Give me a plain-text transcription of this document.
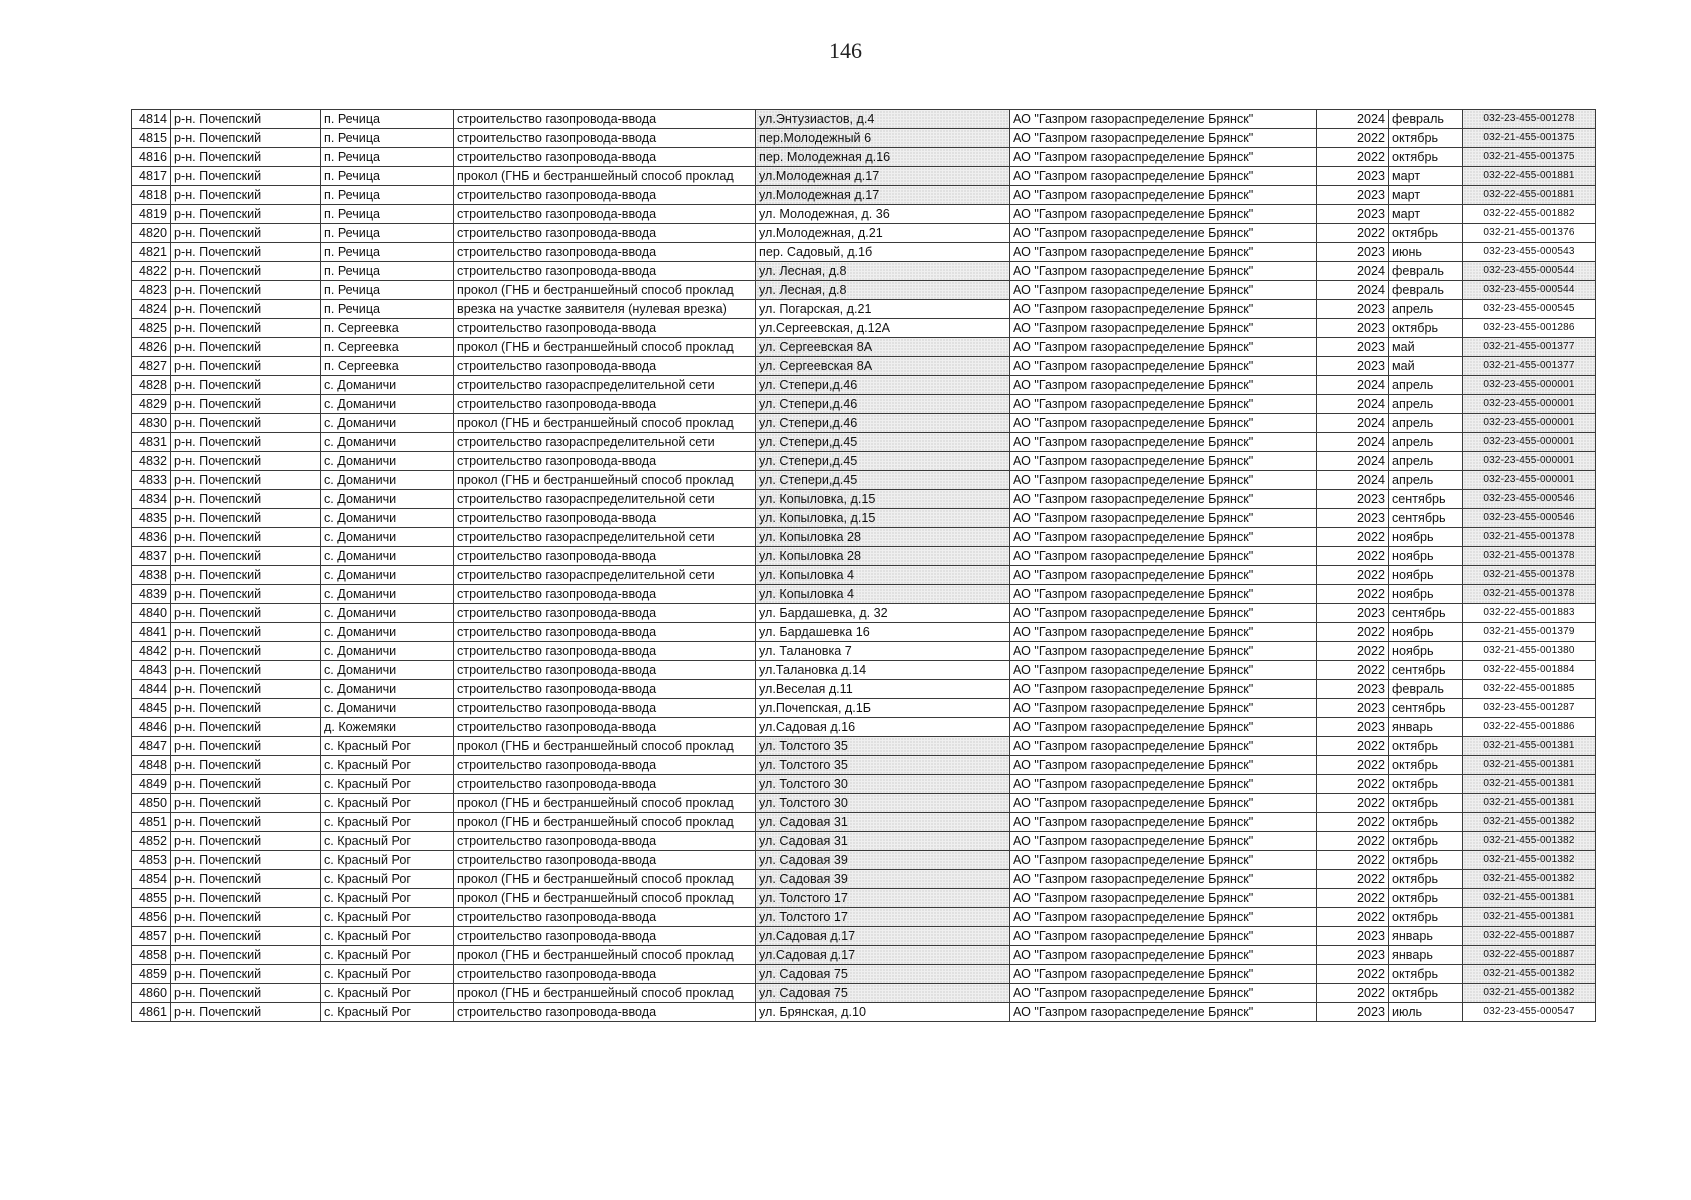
146
4814	р-н. Почепский	п. Речица	строительство газопровода-ввода	ул.Энтузиастов, д.4	АО "Газпром газораспределение Брянск"	2024	февраль	032-23-455-001278
4815	р-н. Почепский	п. Речица	строительство газопровода-ввода	пер.Молодежный 6	АО "Газпром газораспределение Брянск"	2022	октябрь	032-21-455-001375
4816	р-н. Почепский	п. Речица	строительство газопровода-ввода	пер. Молодежная д.16	АО "Газпром газораспределение Брянск"	2022	октябрь	032-21-455-001375
4817	р-н. Почепский	п. Речица	прокол (ГНБ и бестраншейный способ проклад	ул.Молодежная д.17	АО "Газпром газораспределение Брянск"	2023	март	032-22-455-001881
4818	р-н. Почепский	п. Речица	строительство газопровода-ввода	ул.Молодежная д.17	АО "Газпром газораспределение Брянск"	2023	март	032-22-455-001881
4819	р-н. Почепский	п. Речица	строительство газопровода-ввода	ул. Молодежная, д. 36	АО "Газпром газораспределение Брянск"	2023	март	032-22-455-001882
4820	р-н. Почепский	п. Речица	строительство газопровода-ввода	ул.Молодежная, д.21	АО "Газпром газораспределение Брянск"	2022	октябрь	032-21-455-001376
4821	р-н. Почепский	п. Речица	строительство газопровода-ввода	пер. Садовый, д.1б	АО "Газпром газораспределение Брянск"	2023	июнь	032-23-455-000543
4822	р-н. Почепский	п. Речица	строительство газопровода-ввода	ул. Лесная, д.8	АО "Газпром газораспределение Брянск"	2024	февраль	032-23-455-000544
4823	р-н. Почепский	п. Речица	прокол (ГНБ и бестраншейный способ проклад	ул. Лесная, д.8	АО "Газпром газораспределение Брянск"	2024	февраль	032-23-455-000544
4824	р-н. Почепский	п. Речица	врезка на участке заявителя (нулевая врезка)	ул. Погарская, д.21	АО "Газпром газораспределение Брянск"	2023	апрель	032-23-455-000545
4825	р-н. Почепский	п. Сергеевка	строительство газопровода-ввода	ул.Сергеевская, д.12А	АО "Газпром газораспределение Брянск"	2023	октябрь	032-23-455-001286
4826	р-н. Почепский	п. Сергеевка	прокол (ГНБ и бестраншейный способ проклад	ул. Сергеевская 8А	АО "Газпром газораспределение Брянск"	2023	май	032-21-455-001377
4827	р-н. Почепский	п. Сергеевка	строительство газопровода-ввода	ул. Сергеевская 8А	АО "Газпром газораспределение Брянск"	2023	май	032-21-455-001377
4828	р-н. Почепский	с. Доманичи	строительство газораспределительной сети	ул. Степери,д.46	АО "Газпром газораспределение Брянск"	2024	апрель	032-23-455-000001
4829	р-н. Почепский	с. Доманичи	строительство газопровода-ввода	ул. Степери,д.46	АО "Газпром газораспределение Брянск"	2024	апрель	032-23-455-000001
4830	р-н. Почепский	с. Доманичи	прокол (ГНБ и бестраншейный способ проклад	ул. Степери,д.46	АО "Газпром газораспределение Брянск"	2024	апрель	032-23-455-000001
4831	р-н. Почепский	с. Доманичи	строительство газораспределительной сети	ул. Степери,д.45	АО "Газпром газораспределение Брянск"	2024	апрель	032-23-455-000001
4832	р-н. Почепский	с. Доманичи	строительство газопровода-ввода	ул. Степери,д.45	АО "Газпром газораспределение Брянск"	2024	апрель	032-23-455-000001
4833	р-н. Почепский	с. Доманичи	прокол (ГНБ и бестраншейный способ проклад	ул. Степери,д.45	АО "Газпром газораспределение Брянск"	2024	апрель	032-23-455-000001
4834	р-н. Почепский	с. Доманичи	строительство газораспределительной сети	ул. Копыловка, д.15	АО "Газпром газораспределение Брянск"	2023	сентябрь	032-23-455-000546
4835	р-н. Почепский	с. Доманичи	строительство газопровода-ввода	ул. Копыловка, д.15	АО "Газпром газораспределение Брянск"	2023	сентябрь	032-23-455-000546
4836	р-н. Почепский	с. Доманичи	строительство газораспределительной сети	ул. Копыловка 28	АО "Газпром газораспределение Брянск"	2022	ноябрь	032-21-455-001378
4837	р-н. Почепский	с. Доманичи	строительство газопровода-ввода	ул. Копыловка 28	АО "Газпром газораспределение Брянск"	2022	ноябрь	032-21-455-001378
4838	р-н. Почепский	с. Доманичи	строительство газораспределительной сети	ул. Копыловка 4	АО "Газпром газораспределение Брянск"	2022	ноябрь	032-21-455-001378
4839	р-н. Почепский	с. Доманичи	строительство газопровода-ввода	ул. Копыловка 4	АО "Газпром газораспределение Брянск"	2022	ноябрь	032-21-455-001378
4840	р-н. Почепский	с. Доманичи	строительство газопровода-ввода	ул. Бардашевка, д. 32	АО "Газпром газораспределение Брянск"	2023	сентябрь	032-22-455-001883
4841	р-н. Почепский	с. Доманичи	строительство газопровода-ввода	ул. Бардашевка 16	АО "Газпром газораспределение Брянск"	2022	ноябрь	032-21-455-001379
4842	р-н. Почепский	с. Доманичи	строительство газопровода-ввода	ул. Талановка 7	АО "Газпром газораспределение Брянск"	2022	ноябрь	032-21-455-001380
4843	р-н. Почепский	с. Доманичи	строительство газопровода-ввода	ул.Талановка д.14	АО "Газпром газораспределение Брянск"	2022	сентябрь	032-22-455-001884
4844	р-н. Почепский	с. Доманичи	строительство газопровода-ввода	ул.Веселая д.11	АО "Газпром газораспределение Брянск"	2023	февраль	032-22-455-001885
4845	р-н. Почепский	с. Доманичи	строительство газопровода-ввода	ул.Почепская, д.1Б	АО "Газпром газораспределение Брянск"	2023	сентябрь	032-23-455-001287
4846	р-н. Почепский	д. Кожемяки	строительство газопровода-ввода	ул.Садовая д.16	АО "Газпром газораспределение Брянск"	2023	январь	032-22-455-001886
4847	р-н. Почепский	с. Красный Рог	прокол (ГНБ и бестраншейный способ проклад	ул. Толстого 35	АО "Газпром газораспределение Брянск"	2022	октябрь	032-21-455-001381
4848	р-н. Почепский	с. Красный Рог	строительство газопровода-ввода	ул. Толстого 35	АО "Газпром газораспределение Брянск"	2022	октябрь	032-21-455-001381
4849	р-н. Почепский	с. Красный Рог	строительство газопровода-ввода	ул. Толстого 30	АО "Газпром газораспределение Брянск"	2022	октябрь	032-21-455-001381
4850	р-н. Почепский	с. Красный Рог	прокол (ГНБ и бестраншейный способ проклад	ул. Толстого 30	АО "Газпром газораспределение Брянск"	2022	октябрь	032-21-455-001381
4851	р-н. Почепский	с. Красный Рог	прокол (ГНБ и бестраншейный способ проклад	ул. Садовая 31	АО "Газпром газораспределение Брянск"	2022	октябрь	032-21-455-001382
4852	р-н. Почепский	с. Красный Рог	строительство газопровода-ввода	ул. Садовая 31	АО "Газпром газораспределение Брянск"	2022	октябрь	032-21-455-001382
4853	р-н. Почепский	с. Красный Рог	строительство газопровода-ввода	ул. Садовая 39	АО "Газпром газораспределение Брянск"	2022	октябрь	032-21-455-001382
4854	р-н. Почепский	с. Красный Рог	прокол (ГНБ и бестраншейный способ проклад	ул. Садовая 39	АО "Газпром газораспределение Брянск"	2022	октябрь	032-21-455-001382
4855	р-н. Почепский	с. Красный Рог	прокол (ГНБ и бестраншейный способ проклад	ул. Толстого 17	АО "Газпром газораспределение Брянск"	2022	октябрь	032-21-455-001381
4856	р-н. Почепский	с. Красный Рог	строительство газопровода-ввода	ул. Толстого 17	АО "Газпром газораспределение Брянск"	2022	октябрь	032-21-455-001381
4857	р-н. Почепский	с. Красный Рог	строительство газопровода-ввода	ул.Садовая д.17	АО "Газпром газораспределение Брянск"	2023	январь	032-22-455-001887
4858	р-н. Почепский	с. Красный Рог	прокол (ГНБ и бестраншейный способ проклад	ул.Садовая д.17	АО "Газпром газораспределение Брянск"	2023	январь	032-22-455-001887
4859	р-н. Почепский	с. Красный Рог	строительство газопровода-ввода	ул. Садовая 75	АО "Газпром газораспределение Брянск"	2022	октябрь	032-21-455-001382
4860	р-н. Почепский	с. Красный Рог	прокол (ГНБ и бестраншейный способ проклад	ул. Садовая 75	АО "Газпром газораспределение Брянск"	2022	октябрь	032-21-455-001382
4861	р-н. Почепский	с. Красный Рог	строительство газопровода-ввода	ул. Брянская, д.10	АО "Газпром газораспределение Брянск"	2023	июль	032-23-455-000547
